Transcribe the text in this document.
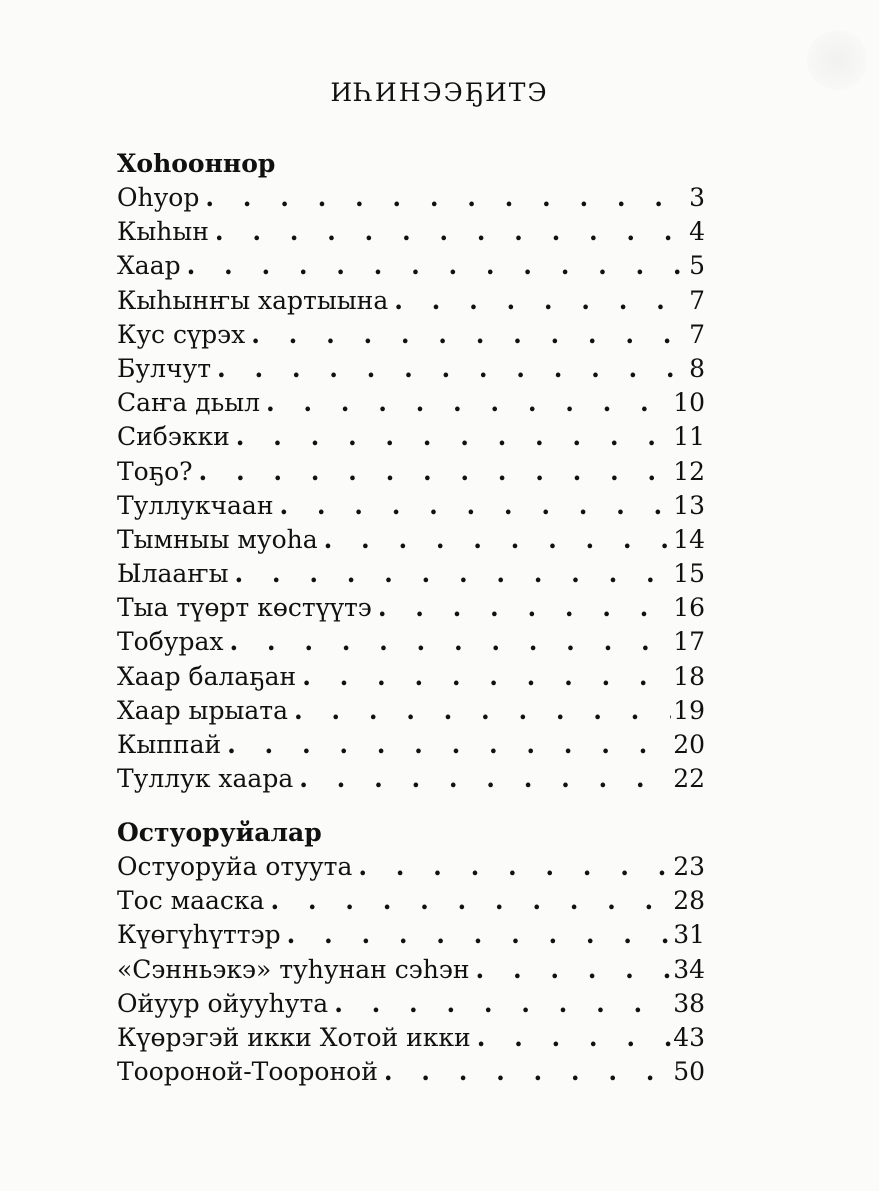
ИҺИНЭЭҔИТЭ
Хоhооннор
Оhуор . . .	3
Кыhын . . .	4
Хаар . . .	5
Кыhынҥы хартыына . . .	7
Кус сүрэх . . .	7
Булчут . . .	8
Саҥа дьыл . . .	10
Сибэкки . . .	11
Тоҕо? . . .	12
Туллукчаан . . .	13
Тымныы муоhа . . .	14
Ылааҥы . . .	15
Тыа түөрт көстүүтэ . . .	16
Тобурах . . .	17
Хаар балаҕан . . .	18
Хаар ырыата . . .	19
Кыппай . . .	20
Туллук хаара . . .	22
Остуоруйалар
Остуоруйа отуута . . .	23
Тос мааска . . .	28
Күөгүhүттэр . . .	31
«Сэнньэкэ» туhунан сэhэн . . .	34
Ойуур ойууhута . . .	38
Күөрэгэй икки Хотой икки . . .	43
Тооронoй-Тооронoй . . .	50
